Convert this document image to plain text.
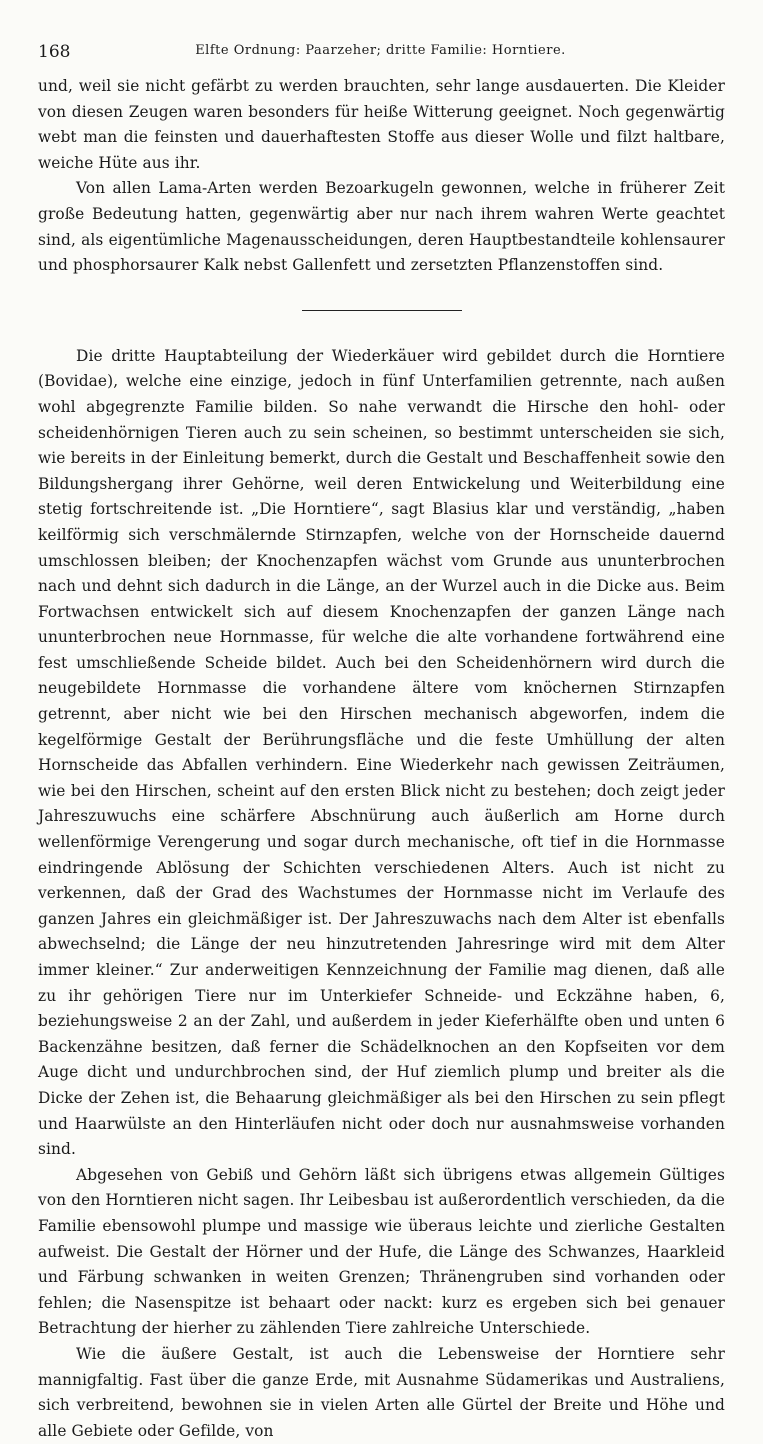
168	Elfte Ordnung: Paarzeher; dritte Familie: Horntiere.

und, weil sie nicht gefärbt zu werden brauchten, sehr lange ausdauerten. Die Kleider von diesen Zeugen waren besonders für heiße Witterung geeignet. Noch gegenwärtig webt man die feinsten und dauerhaftesten Stoffe aus dieser Wolle und filzt haltbare, weiche Hüte aus ihr.

Von allen Lama-Arten werden Bezoarkugeln gewonnen, welche in früherer Zeit große Bedeutung hatten, gegenwärtig aber nur nach ihrem wahren Werte geachtet sind, als eigentümliche Magenausscheidungen, deren Hauptbestandteile kohlensaurer und phosphorsaurer Kalk nebst Gallenfett und zersetzten Pflanzenstoffen sind.

Die dritte Hauptabteilung der Wiederkäuer wird gebildet durch die Horntiere (Bovidae), welche eine einzige, jedoch in fünf Unterfamilien getrennte, nach außen wohl abgegrenzte Familie bilden. So nahe verwandt die Hirsche den hohl- oder scheidenhörnigen Tieren auch zu sein scheinen, so bestimmt unterscheiden sie sich, wie bereits in der Einleitung bemerkt, durch die Gestalt und Beschaffenheit sowie den Bildungshergang ihrer Gehörne, weil deren Entwickelung und Weiterbildung eine stetig fortschreitende ist. „Die Horntiere“, sagt Blasius klar und verständig, „haben keilförmig sich verschmälernde Stirnzapfen, welche von der Hornscheide dauernd umschlossen bleiben; der Knochenzapfen wächst vom Grunde aus ununterbrochen nach und dehnt sich dadurch in die Länge, an der Wurzel auch in die Dicke aus. Beim Fortwachsen entwickelt sich auf diesem Knochenzapfen der ganzen Länge nach ununterbrochen neue Hornmasse, für welche die alte vorhandene fortwährend eine fest umschließende Scheide bildet. Auch bei den Scheidenhörnern wird durch die neugebildete Hornmasse die vorhandene ältere vom knöchernen Stirnzapfen getrennt, aber nicht wie bei den Hirschen mechanisch abgeworfen, indem die kegelförmige Gestalt der Berührungsfläche und die feste Umhüllung der alten Hornscheide das Abfallen verhindern. Eine Wiederkehr nach gewissen Zeiträumen, wie bei den Hirschen, scheint auf den ersten Blick nicht zu bestehen; doch zeigt jeder Jahreszuwuchs eine schärfere Abschnürung auch äußerlich am Horne durch wellenförmige Verengerung und sogar durch mechanische, oft tief in die Hornmasse eindringende Ablösung der Schichten verschiedenen Alters. Auch ist nicht zu verkennen, daß der Grad des Wachstumes der Hornmasse nicht im Verlaufe des ganzen Jahres ein gleichmäßiger ist. Der Jahreszuwachs nach dem Alter ist ebenfalls abwechselnd; die Länge der neu hinzutretenden Jahresringe wird mit dem Alter immer kleiner.“ Zur anderweitigen Kennzeichnung der Familie mag dienen, daß alle zu ihr gehörigen Tiere nur im Unterkiefer Schneide- und Eckzähne haben, 6, beziehungsweise 2 an der Zahl, und außerdem in jeder Kieferhälfte oben und unten 6 Backenzähne besitzen, daß ferner die Schädelknochen an den Kopfseiten vor dem Auge dicht und undurchbrochen sind, der Huf ziemlich plump und breiter als die Dicke der Zehen ist, die Behaarung gleichmäßiger als bei den Hirschen zu sein pflegt und Haarwülste an den Hinterläufen nicht oder doch nur ausnahmsweise vorhanden sind.

Abgesehen von Gebiß und Gehörn läßt sich übrigens etwas allgemein Gültiges von den Horntieren nicht sagen. Ihr Leibesbau ist außerordentlich verschieden, da die Familie ebensowohl plumpe und massige wie überaus leichte und zierliche Gestalten aufweist. Die Gestalt der Hörner und der Hufe, die Länge des Schwanzes, Haarkleid und Färbung schwanken in weiten Grenzen; Thränengruben sind vorhanden oder fehlen; die Nasenspitze ist behaart oder nackt: kurz es ergeben sich bei genauer Betrachtung der hierher zu zählenden Tiere zahlreiche Unterschiede.

Wie die äußere Gestalt, ist auch die Lebensweise der Horntiere sehr mannigfaltig. Fast über die ganze Erde, mit Ausnahme Südamerikas und Australiens, sich verbreitend, bewohnen sie in vielen Arten alle Gürtel der Breite und Höhe und alle Gebiete oder Gefilde, von
